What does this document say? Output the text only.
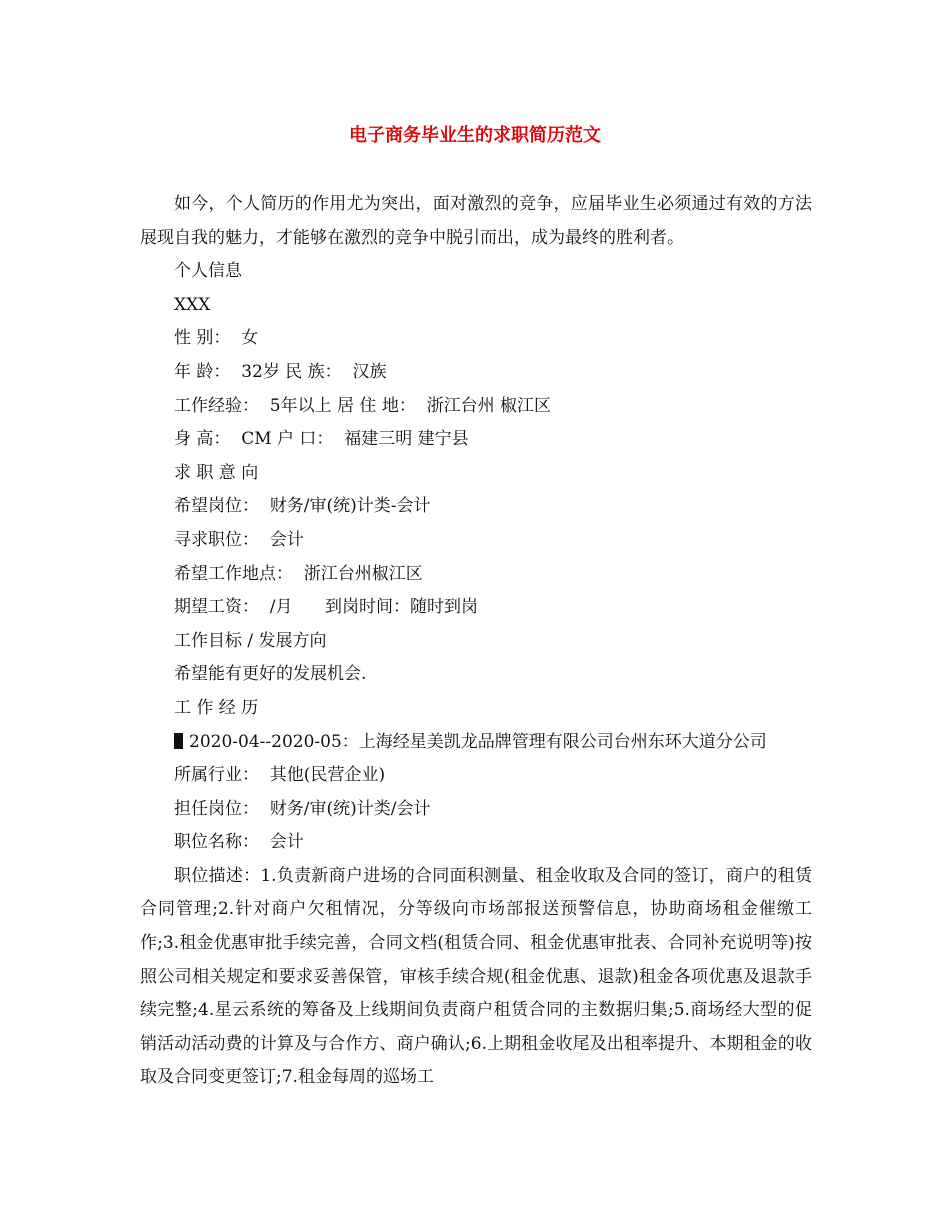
电子商务毕业生的求职简历范文

如今，个人简历的作用尤为突出，面对激烈的竞争，应届毕业生必须通过有效的方法展现自我的魅力，才能够在激烈的竞争中脱引而出，成为最终的胜利者。

个人信息

XXX

性 别：  女

年 龄：  32岁 民 族：  汉族

工作经验：  5年以上 居 住 地：  浙江台州 椒江区

身 高：  CM 户 口：  福建三明 建宁县

求 职 意 向

希望岗位：  财务/审(统)计类-会计

寻求职位：  会计

希望工作地点：  浙江台州椒江区

期望工资：  /月      到岗时间：随时到岗

工作目标 / 发展方向

希望能有更好的发展机会.

工 作 经 历

2020-04--2020-05：上海经星美凯龙品牌管理有限公司台州东环大道分公司

所属行业：  其他(民营企业)

担任岗位：  财务/审(统)计类/会计

职位名称：  会计

职位描述：1.负责新商户进场的合同面积测量、租金收取及合同的签订，商户的租赁合同管理;2.针对商户欠租情况，分等级向市场部报送预警信息，协助商场租金催缴工作;3.租金优惠审批手续完善，合同文档(租赁合同、租金优惠审批表、合同补充说明等)按照公司相关规定和要求妥善保管，审核手续合规(租金优惠、退款)租金各项优惠及退款手续完整;4.星云系统的筹备及上线期间负责商户租赁合同的主数据归集;5.商场经大型的促销活动活动费的计算及与合作方、商户确认;6.上期租金收尾及出租率提升、本期租金的收取及合同变更签订;7.租金每周的巡场工
